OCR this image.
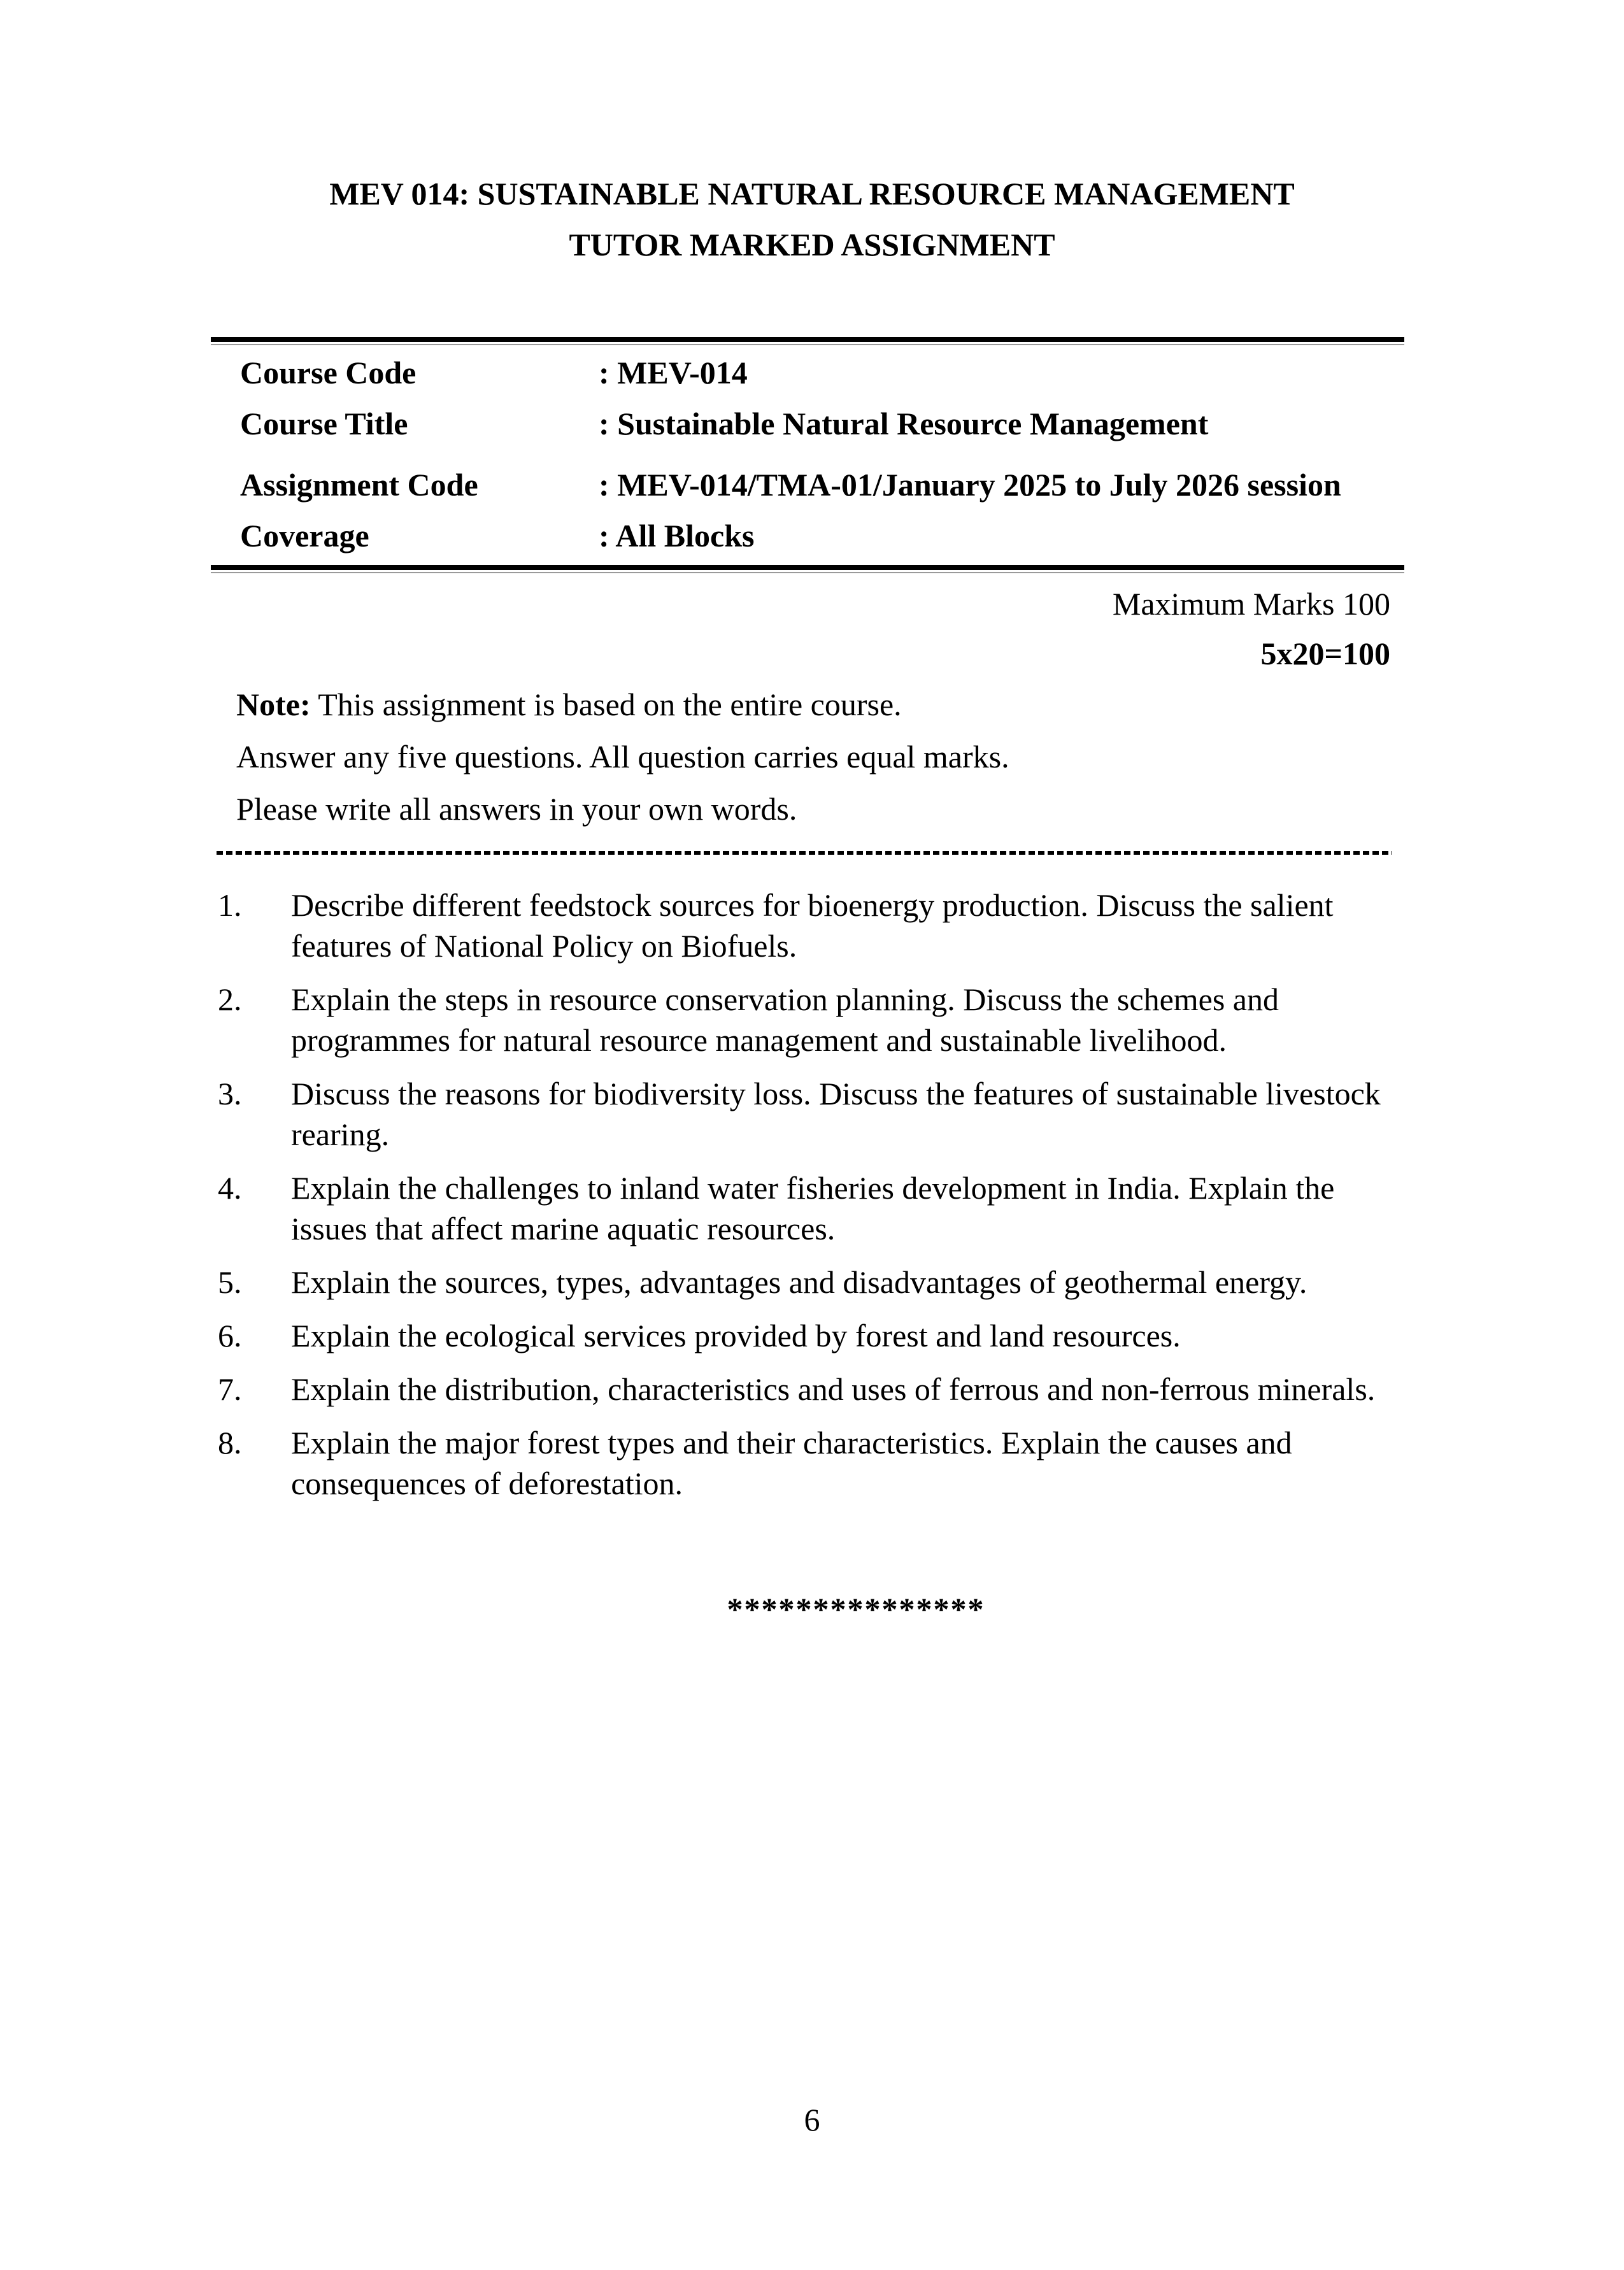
MEV 014: SUSTAINABLE NATURAL RESOURCE MANAGEMENT
TUTOR MARKED ASSIGNMENT
Course Code	: MEV-014
Course Title	: Sustainable Natural Resource Management
Assignment Code	: MEV-014/TMA-01/January 2025 to July 2026 session
Coverage	: All Blocks
Maximum Marks 100
5x20=100
Note: This assignment is based on the entire course.
Answer any five questions. All question carries equal marks.
Please write all answers in your own words.
1.	Describe different feedstock sources for bioenergy production. Discuss the salient features of National Policy on Biofuels.
2.	Explain the steps in resource conservation planning. Discuss the schemes and programmes for natural resource management and sustainable livelihood.
3.	Discuss the reasons for biodiversity loss. Discuss the features of sustainable livestock rearing.
4.	Explain the challenges to inland water fisheries development in India. Explain the issues that affect marine aquatic resources.
5.	Explain the sources, types, advantages and disadvantages of geothermal energy.
6.	Explain the ecological services provided by forest and land resources.
7.	Explain the distribution, characteristics and uses of ferrous and non-ferrous minerals.
8.	Explain the major forest types and their characteristics. Explain the causes and consequences of deforestation.
***************
6
